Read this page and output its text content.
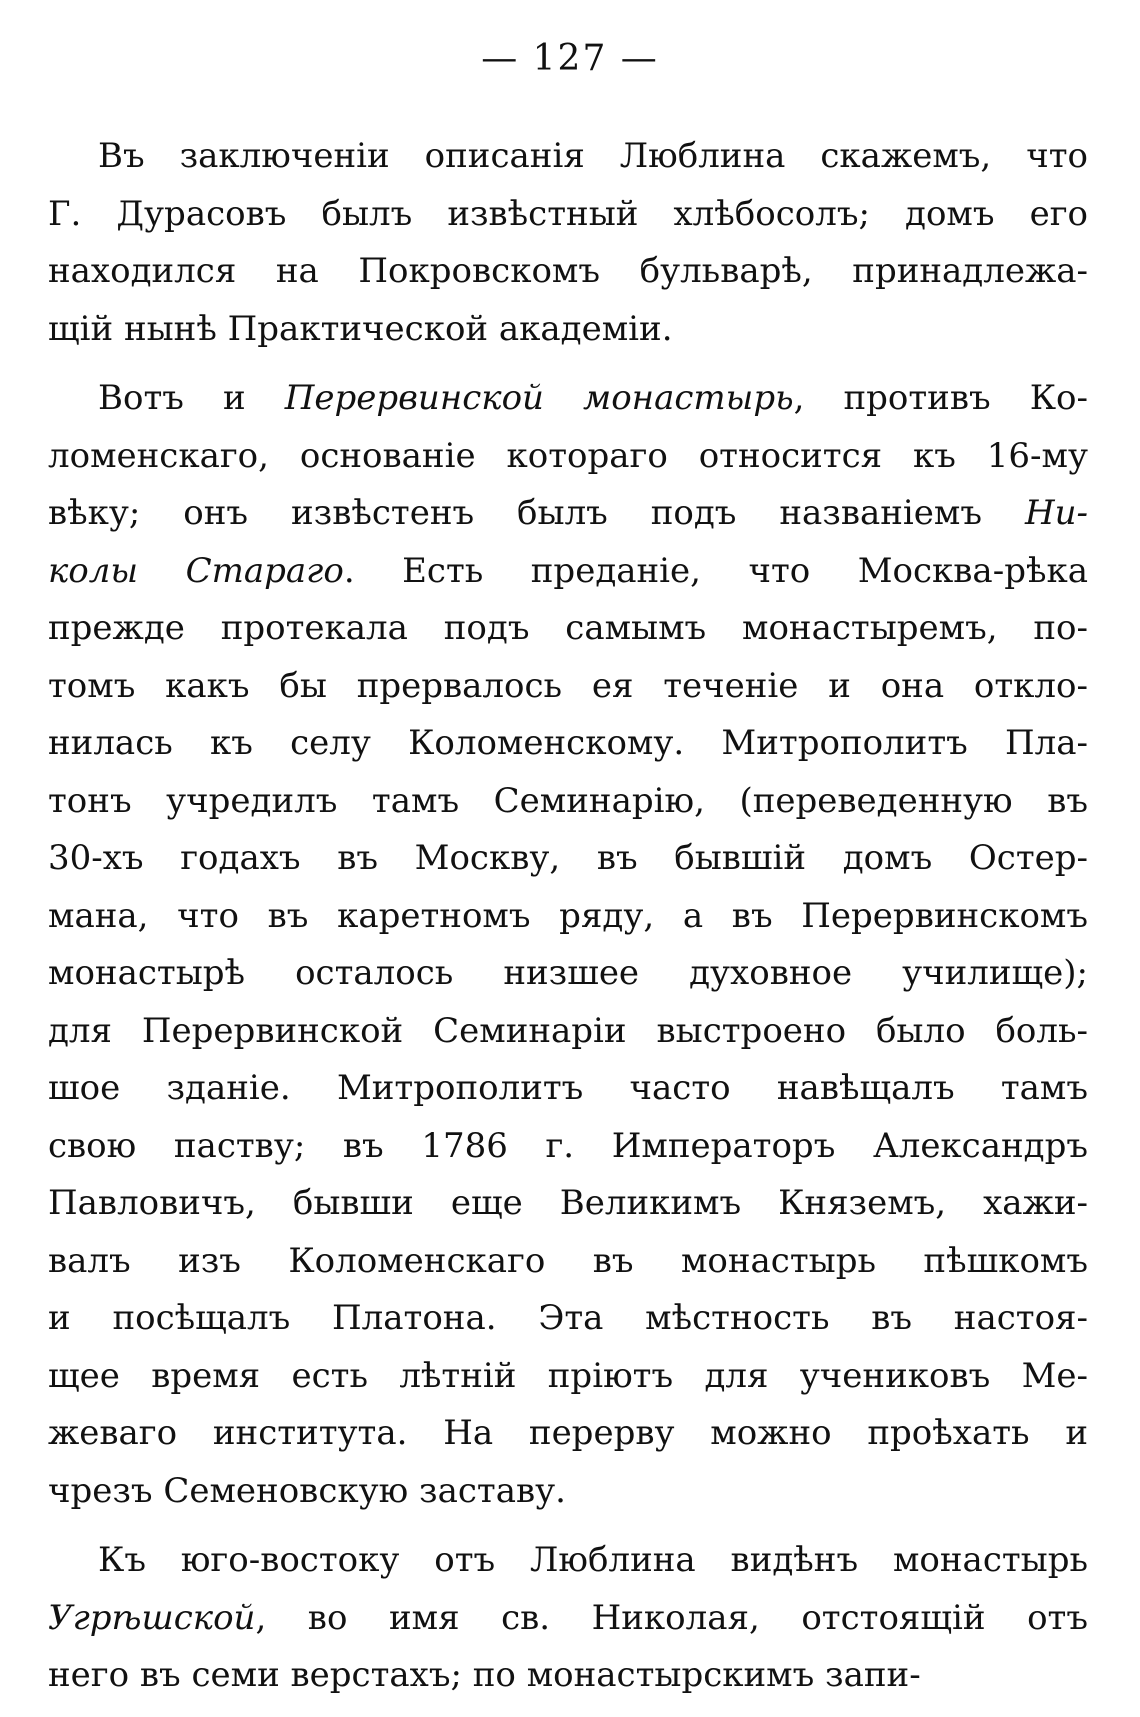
— 127 —
Въ заключеніи описанія Люблина скажемъ, что
Г. Дурасовъ былъ извѣстный хлѣбосолъ; домъ его
находился на Покровскомъ бульварѣ, принадлежа-
щій нынѣ Практической академіи.
Вотъ и Перервинской монастырь, противъ Ко-
ломенскаго, основаніе котораго относится къ 16-му
вѣку; онъ извѣстенъ былъ подъ названіемъ Ни-
колы Стараго. Есть преданіе, что Москва-рѣка
прежде протекала подъ самымъ монастыремъ, по-
томъ какъ бы прервалось ея теченіе и она откло-
нилась къ селу Коломенскому. Митрополитъ Пла-
тонъ учредилъ тамъ Семинарію, (переведенную въ
30-хъ годахъ въ Москву, въ бывшій домъ Остер-
мана, что въ каретномъ ряду, а въ Перервинскомъ
монастырѣ осталось низшее духовное училище);
для Перервинской Семинаріи выстроено было боль-
шое зданіе. Митрополитъ часто навѣщалъ тамъ
свою паству; въ 1786 г. Императоръ Александръ
Павловичъ, бывши еще Великимъ Княземъ, хажи-
валъ изъ Коломенскаго въ монастырь пѣшкомъ
и посѣщалъ Платона. Эта мѣстность въ настоя-
щее время есть лѣтній пріютъ для учениковъ Ме-
жеваго института. На перерву можно проѣхать и
чрезъ Семеновскую заставу.
Къ юго-востоку отъ Люблина видѣнъ монастырь
Угрѣшской, во имя св. Николая, отстоящій отъ
него въ семи верстахъ; по монастырскимъ запи-
